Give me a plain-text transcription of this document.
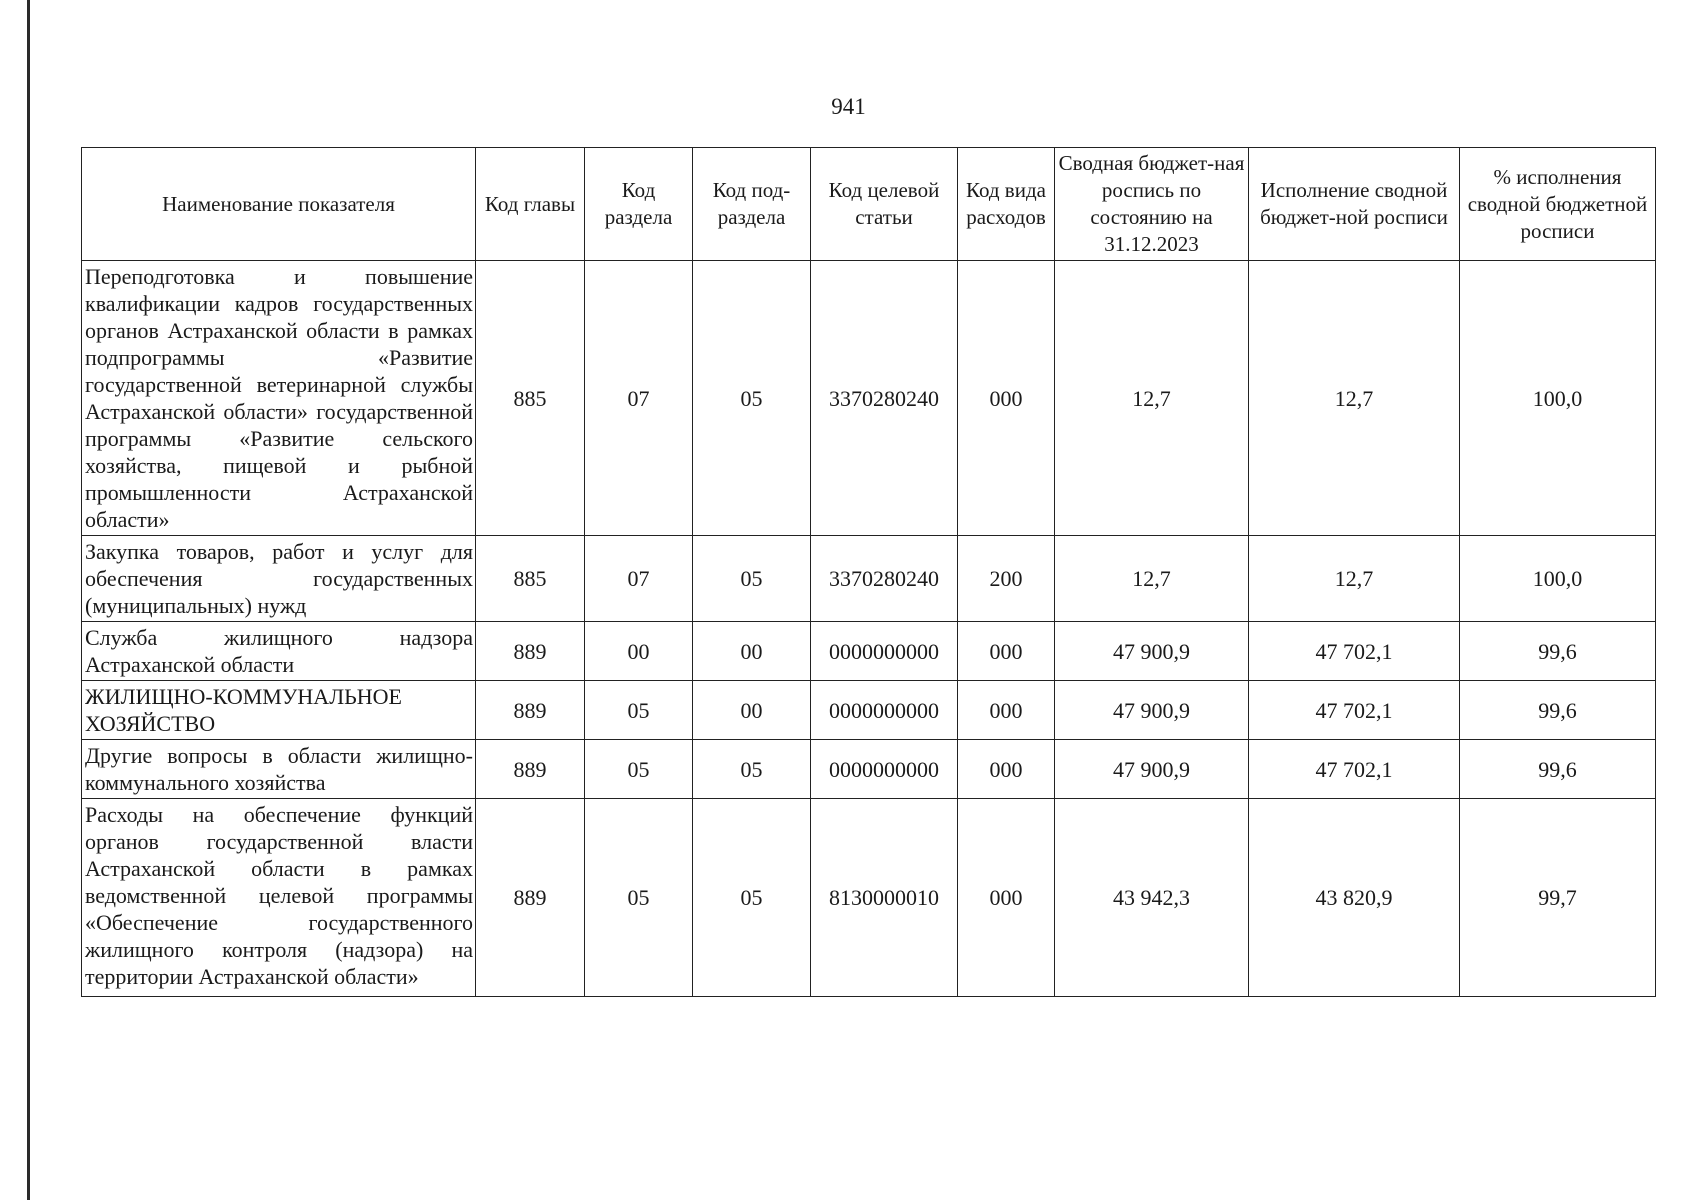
941
Наименование показателя	Код главы	Код раздела	Код под-раздела	Код целевой статьи	Код вида расходов	Сводная бюджет-ная роспись по состоянию на 31.12.2023	Исполнение сводной бюджет-ной росписи	% исполнения сводной бюджетной росписи
Переподготовка и повышение квалификации кадров государственных органов Астраханской области в рамках подпрограммы «Развитие государственной ветеринарной службы Астраханской области» государственной программы «Развитие сельского хозяйства, пищевой и рыбной промышленности Астраханской области»	885	07	05	3370280240	000	12,7	12,7	100,0
Закупка товаров, работ и услуг для обеспечения государственных (муниципальных) нужд	885	07	05	3370280240	200	12,7	12,7	100,0
Служба жилищного надзора Астраханской области	889	00	00	0000000000	000	47 900,9	47 702,1	99,6
ЖИЛИЩНО-КОММУНАЛЬНОЕ ХОЗЯЙСТВО	889	05	00	0000000000	000	47 900,9	47 702,1	99,6
Другие вопросы в области жилищно-коммунального хозяйства	889	05	05	0000000000	000	47 900,9	47 702,1	99,6
Расходы на обеспечение функций органов государственной власти Астраханской области в рамках ведомственной целевой программы «Обеспечение государственного жилищного контроля (надзора) на территории Астраханской области»	889	05	05	8130000010	000	43 942,3	43 820,9	99,7
